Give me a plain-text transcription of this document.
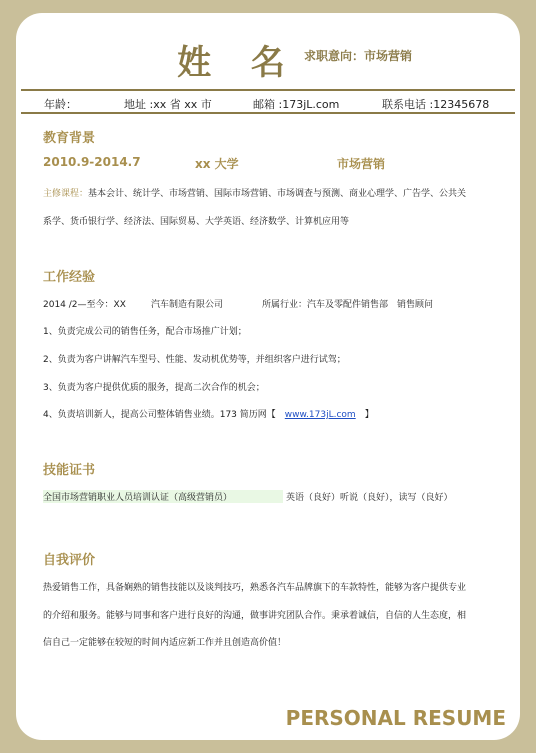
姓 名 求职意向：市场营销
年龄：	地址 :xx 省 xx 市	邮箱 :173jL.com	联系电话 :12345678
教育背景
2010.9-2014.7	xx 大学	市场营销
主修课程：基本会计、统计学、市场营销、国际市场营销、市场调查与预测、商业心理学、广告学、公共关
系学、货币银行学、经济法、国际贸易、大学英语、经济数学、计算机应用等
工作经验
2014 /2—至今：XX	汽车制造有限公司	所属行业：汽车及零配件销售部　销售顾问
1、负责完成公司的销售任务，配合市场推广计划；
2、负责为客户讲解汽车型号、性能、发动机优势等，并组织客户进行试驾；
3、负责为客户提供优质的服务，提高二次合作的机会；
4、负责培训新人，提高公司整体销售业绩。173 简历网【　 www.173jL.com　 】
技能证书
全国市场营销职业人员培训认证（高级营销员）	英语（良好）听说（良好），读写（良好）
自我评价
热爱销售工作，具备娴熟的销售技能以及谈判技巧，熟悉各汽车品牌旗下的车款特性，能够为客户提供专业
的介绍和服务。能够与同事和客户进行良好的沟通，做事讲究团队合作。秉承着诚信，自信的人生态度，相
信自己一定能够在较短的时间内适应新工作并且创造高价值！
PERSONAL RESUME
